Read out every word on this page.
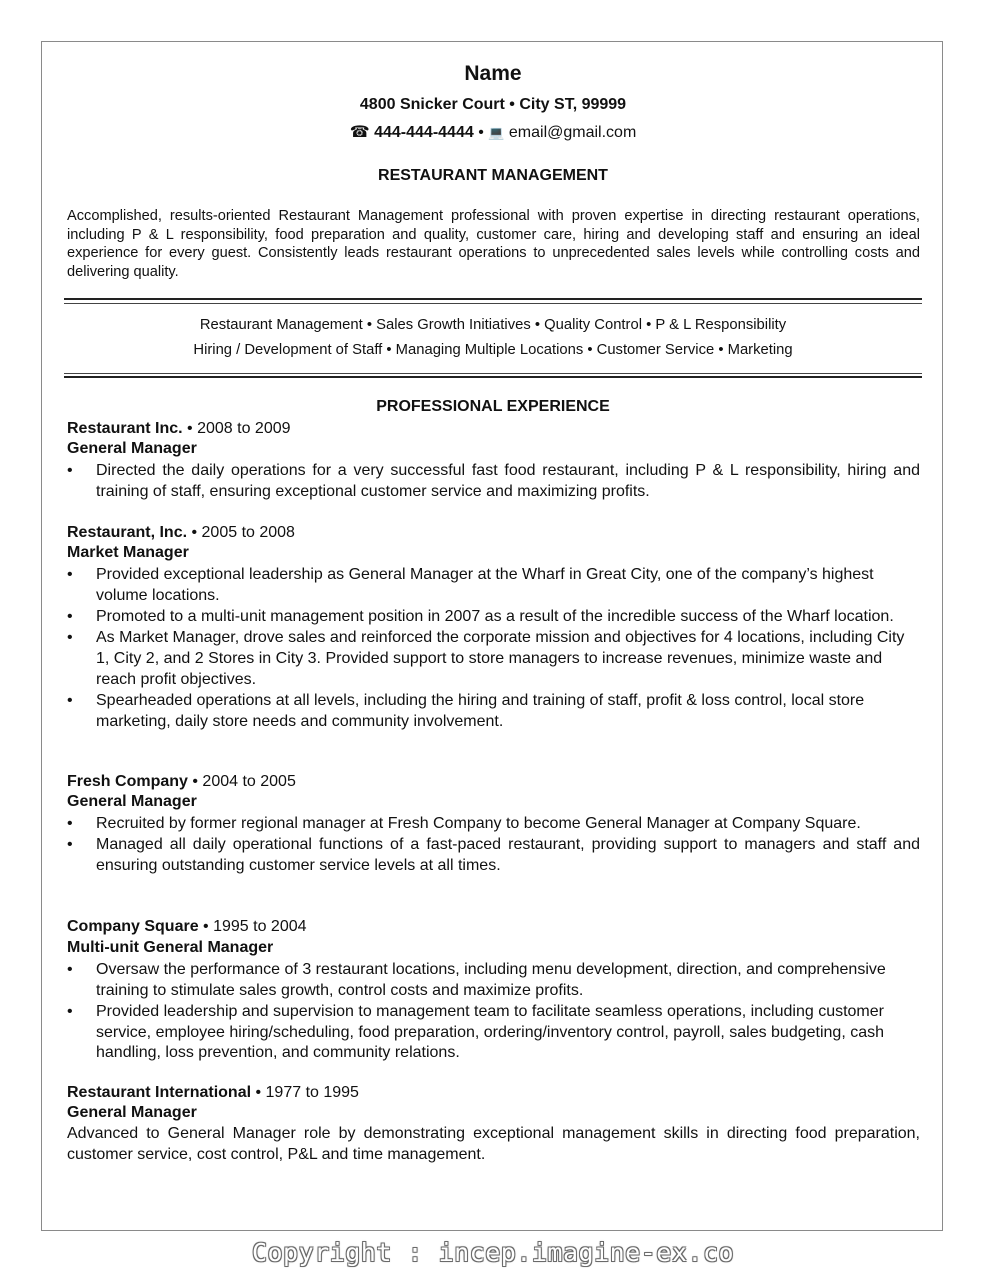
Name
4800 Snicker Court • City ST, 99999
☎ 444-444-4444 • 💻 email@gmail.com
RESTAURANT MANAGEMENT
Accomplished, results-oriented Restaurant Management professional with proven expertise in directing restaurant operations, including P & L responsibility, food preparation and quality, customer care, hiring and developing staff and ensuring an ideal experience for every guest. Consistently leads restaurant operations to unprecedented sales levels while controlling costs and delivering quality.
Restaurant Management • Sales Growth Initiatives • Quality Control • P & L Responsibility
Hiring / Development of Staff • Managing Multiple Locations • Customer Service • Marketing
PROFESSIONAL EXPERIENCE
Restaurant Inc. • 2008 to 2009
General Manager
• Directed the daily operations for a very successful fast food restaurant, including P & L responsibility, hiring and training of staff, ensuring exceptional customer service and maximizing profits.
Restaurant, Inc. • 2005 to 2008
Market Manager
• Provided exceptional leadership as General Manager at the Wharf in Great City, one of the company’s highest volume locations.
• Promoted to a multi-unit management position in 2007 as a result of the incredible success of the Wharf location.
• As Market Manager, drove sales and reinforced the corporate mission and objectives for 4 locations, including City 1, City 2, and 2 Stores in City 3. Provided support to store managers to increase revenues, minimize waste and reach profit objectives.
• Spearheaded operations at all levels, including the hiring and training of staff, profit & loss control, local store marketing, daily store needs and community involvement.
Fresh Company • 2004 to 2005
General Manager
• Recruited by former regional manager at Fresh Company to become General Manager at Company Square.
• Managed all daily operational functions of a fast-paced restaurant, providing support to managers and staff and ensuring outstanding customer service levels at all times.
Company Square • 1995 to 2004
Multi-unit General Manager
• Oversaw the performance of 3 restaurant locations, including menu development, direction, and comprehensive training to stimulate sales growth, control costs and maximize profits.
• Provided leadership and supervision to management team to facilitate seamless operations, including customer service, employee hiring/scheduling, food preparation, ordering/inventory control, payroll, sales budgeting, cash handling, loss prevention, and community relations.
Restaurant International • 1977 to 1995
General Manager
Advanced to General Manager role by demonstrating exceptional management skills in directing food preparation, customer service, cost control, P&L and time management.
Copyright : incep.imagine-ex.co
